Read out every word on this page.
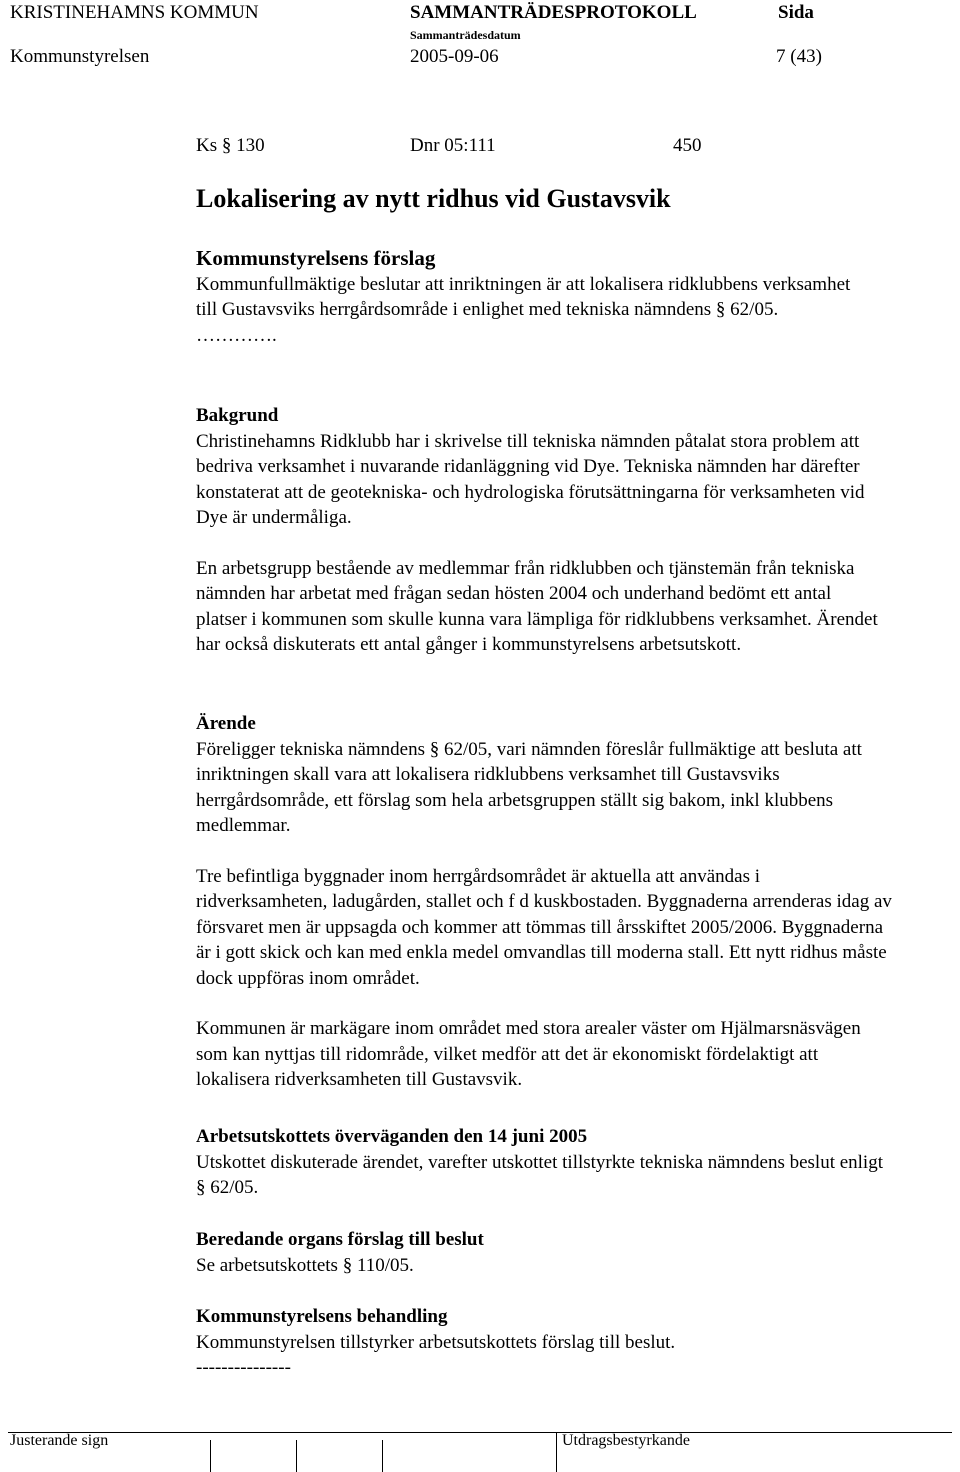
KRISTINEHAMNS KOMMUN	SAMMANTRÄDESPROTOKOLL	Sida
Sammanträdesdatum
Kommunstyrelsen	2005-09-06	7 (43)
Ks § 130	Dnr 05:111	450
Lokalisering av nytt ridhus vid Gustavsvik

Kommunstyrelsens förslag

Kommunfullmäktige beslutar att inriktningen är att lokalisera ridklubbens verksamhet till Gustavsviks herrgårdsområde i enlighet med tekniska nämndens § 62/05.

………….

Bakgrund

Christinehamns Ridklubb har i skrivelse till tekniska nämnden påtalat stora problem att bedriva verksamhet i nuvarande ridanläggning vid Dye. Tekniska nämnden har därefter konstaterat att de geotekniska- och hydrologiska förutsättningarna för verksamheten vid Dye är undermåliga.

En arbetsgrupp bestående av medlemmar från ridklubben och tjänstemän från tekniska nämnden har arbetat med frågan sedan hösten 2004 och underhand bedömt ett antal platser i kommunen som skulle kunna vara lämpliga för ridklubbens verksamhet. Ärendet har också diskuterats ett antal gånger i kommunstyrelsens arbetsutskott.

Ärende

Föreligger tekniska nämndens § 62/05, vari nämnden föreslår fullmäktige att besluta att inriktningen skall vara att lokalisera ridklubbens verksamhet till Gustavsviks herrgårdsområde, ett förslag som hela arbetsgruppen ställt sig bakom, inkl klubbens medlemmar.

Tre befintliga byggnader inom herrgårdsområdet är aktuella att användas i ridverksamheten, ladugården, stallet och f d kuskbostaden. Byggnaderna arrenderas idag av försvaret men är uppsagda och kommer att tömmas till årsskiftet 2005/2006. Byggnaderna är i gott skick och kan med enkla medel omvandlas till moderna stall. Ett nytt ridhus måste dock uppföras inom området.

Kommunen är markägare inom området med stora arealer väster om Hjälmarsnäsvägen som kan nyttjas till ridområde, vilket medför att det är ekonomiskt fördelaktigt att lokalisera ridverksamheten till Gustavsvik.

Arbetsutskottets överväganden den 14 juni 2005

Utskottet diskuterade ärendet, varefter utskottet tillstyrkte tekniska nämndens beslut enligt § 62/05.

Beredande organs förslag till beslut

Se arbetsutskottets § 110/05.

Kommunstyrelsens behandling

Kommunstyrelsen tillstyrker arbetsutskottets förslag till beslut.

---------------

Justerande sign	Utdragsbestyrkande
